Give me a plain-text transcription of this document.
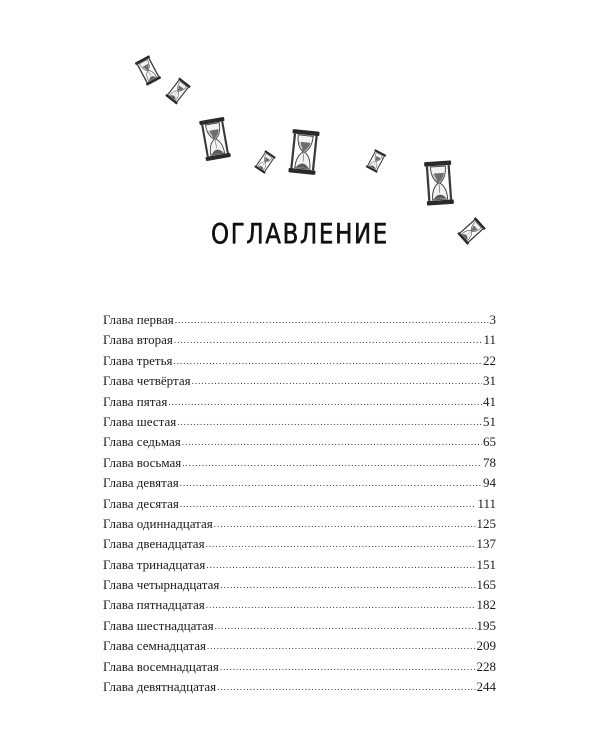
ОГЛАВЛЕНИЕ
Глава первая .....	3
Глава вторая .....	11
Глава третья .....	22
Глава четвёртая .....	31
Глава пятая .....	41
Глава шестая .....	51
Глава седьмая .....	65
Глава восьмая .....	78
Глава девятая .....	94
Глава десятая .....	111
Глава одиннадцатая .....	125
Глава двенадцатая .....	137
Глава тринадцатая .....	151
Глава четырнадцатая .....	165
Глава пятнадцатая .....	182
Глава шестнадцатая .....	195
Глава семнадцатая .....	209
Глава восемнадцатая .....	228
Глава девятнадцатая .....	244
